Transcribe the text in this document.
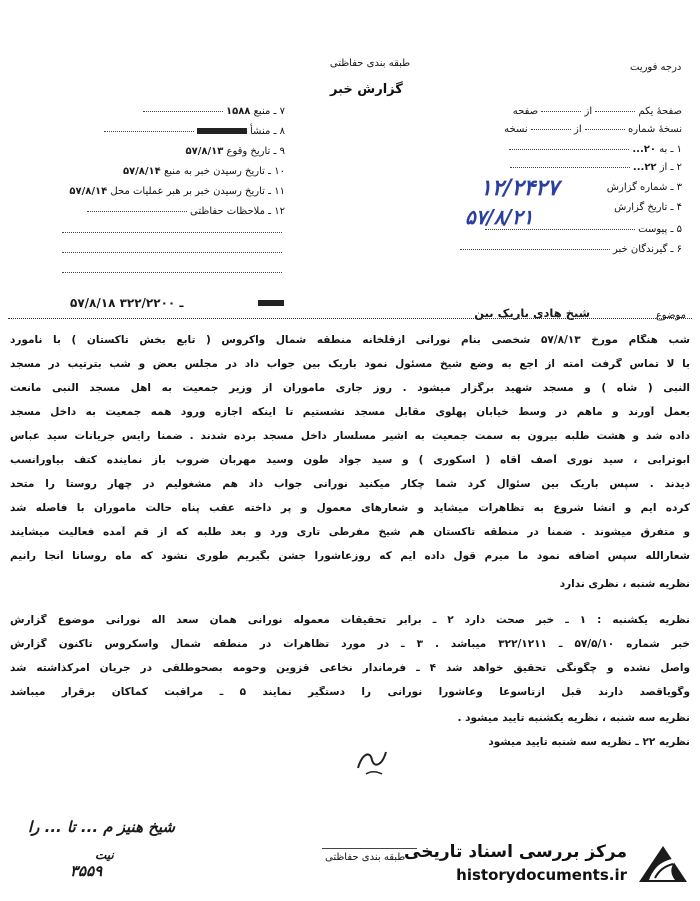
طبقه بندی حفاظتی	درجه فوریت
گزارش خبر
صفحهٔ یکم  از  صفحه
نسخهٔ شماره  از  نسخه
۱ ـ به ۲۰...
۲ ـ از ۲۲...
۳ ـ شماره گزارش
۴ ـ تاریخ گزارش
۵ ـ پیوست
۶ ـ گیرندگان خبر
۱۲/۲۴۲۷
۵۷/۸/۲۱
۷ ـ منبع ۱۵۸۸
۸ ـ منشأ
۹ ـ تاریخ وقوع ۵۷/۸/۱۳
۱۰ ـ تاریخ رسیدن خبر به منبع ۵۷/۸/۱۴
۱۱ ـ تاریخ رسیدن خبر بر هبر عملیات محل ۵۷/۸/۱۴
۱۲ ـ ملاحظات حفاظتی
۵۷/۸/۱۸ ـ ۳۲۲/۲۲۰۰
موضوع
شیخ هادی باریک بین
شب هنگام مورخ ۵۷/۸/۱۳ شخصی بنام نورانی ازقلخانه منطقه شمال واکروس ( تابع بخش تاکستان ) با نامورد
با لا تماس گرفت امته از اجع به وضع شیخ مسئول نمود باریک بین جواب داد در مجلس بعض و شب بترتیب در مسجد
النبی ( شاه ) و مسجد شهید برگزار میشود . روز جاری ماموران از وزیر جمعیت به اهل مسجد النبی مانعت
بعمل آورند و ماهم در وسط خیابان پهلوی مقابل مسجد نشستیم تا اینکه اجازه ورود همه جمعیت به داخل مسجد
داده شد و هشت طلبه بیرون به سمت جمعیت به اشیر مسلسار داخل مسجد برده شدند . ضمنا رایس جریانات سید عباس
ابوترابی ، سید نوری آصف آقاه ( اسکوری ) و سید جواد طون وسید مهربان ضروب باز نماینده کتف بیاورانسب
دیدند . سپس باریک بین سئوال کرد شما چکار میکنید نورانی جواب داد هم مشغولیم در چهار روستا را متحد
کرده ایم و انشا شروع به تظاهرات میشاید و شعارهای معمول و پر داخته عقب پناه حالت ماموران با فاصله شد
و متفرق میشوند . ضمنا در منطقه تاکستان هم شیخ مفرطی تاری ورد و بعد طلبه که از قم آمده فعالیت میشایند
شعارالله سپس اضافه نمود ما میرم قول داده ایم که روزعاشورا جشن بگیریم طوری نشود که ماه روسانا آنجا رانیم
نظریه شنبه ، نظری ندارد
نظریه یکشنبه : ۱ ـ خبر صحت دارد ۲ ـ برابر تحقیقات معموله نورانی همان سعد اله نورانی موضوع گزارش
خبر شماره ۵۷/۵/۱۰ ـ ۳۲۲/۱۲۱۱ میباشد . ۳ ـ در مورد تظاهرات در منطقه شمال واسکروس تاکنون گزارش
واصل نشده و چگونگی تحقیق خواهد شد ۴ ـ فرماندار نخاعی قزوین وحومه بصحوطلقی در جریان امرکذاشته شد
وگویاقصد دارند قبل ازتاسوعا وعاشورا نورانی را دستگیر نمایند ۵ ـ مراقبت کماکان برقرار میباشد
نظریه سه شنبه ، نظریه یکشنبه تایید میشود .
نظریه ۲۲ ـ نظریه سه شنبه تایید میشود
طبقه بندی حفاظتی
شیخ هنیز م ... تا ... را
نیت
۳۵۵۹
مرکز بررسی اسناد تاریخی
historydocuments.ir
